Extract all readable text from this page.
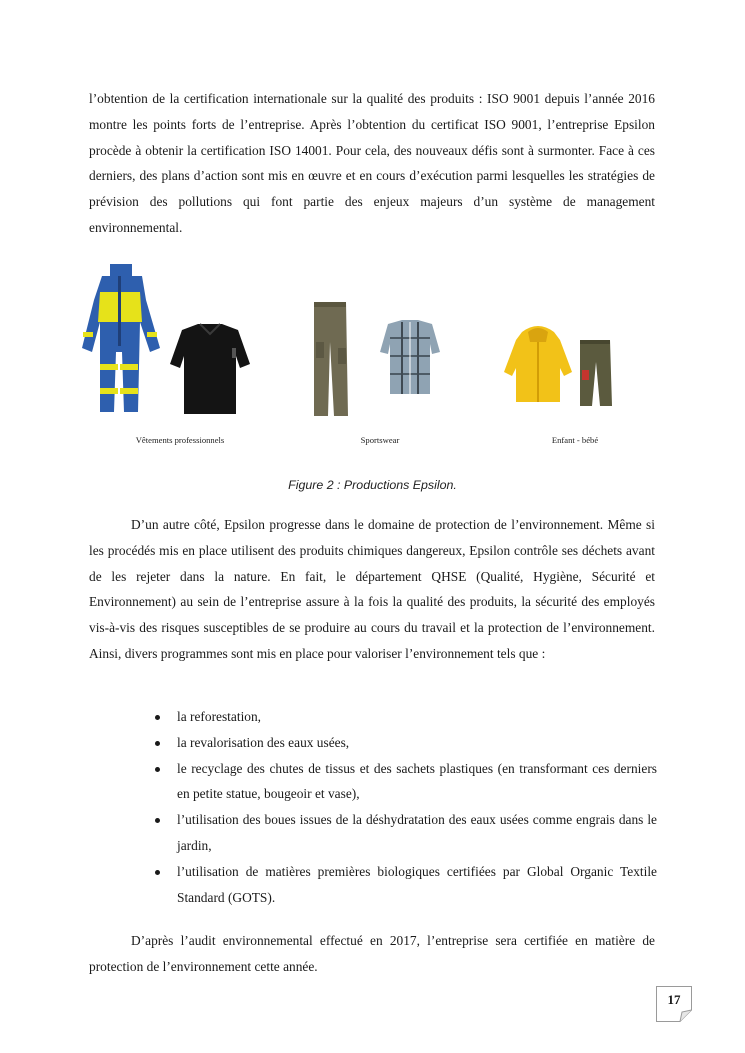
l’obtention de la certification internationale sur la qualité des produits : ISO 9001 depuis l’année 2016 montre les points forts de l’entreprise. Après l’obtention du certificat ISO 9001, l’entreprise Epsilon procède à obtenir la certification ISO 14001. Pour cela, des nouveaux défis sont à surmonter. Face à ces derniers, des plans d’action sont mis en œuvre et en cours d’exécution parmi lesquelles les stratégies de prévision des pollutions qui font partie des enjeux majeurs d’un système de management environnemental.

Vêtements professionnels	Sportswear	Enfant - bébé
Figure 2 : Productions Epsilon.

D’un autre côté, Epsilon progresse dans le domaine de protection de l’environnement. Même si les procédés mis en place utilisent des produits chimiques dangereux, Epsilon contrôle ses déchets avant de les rejeter dans la nature. En fait, le département QHSE (Qualité, Hygiène, Sécurité et Environnement) au sein de l’entreprise assure à la fois la qualité des produits, la sécurité des employés vis-à-vis des risques susceptibles de se produire au cours du travail et la protection de l’environnement. Ainsi, divers programmes sont mis en place pour valoriser l’environnement tels que :

la reforestation,
la revalorisation des eaux usées,
le recyclage des chutes de tissus et des sachets plastiques (en transformant ces derniers en petite statue, bougeoir et vase),
l’utilisation des boues issues de la déshydratation des eaux usées comme engrais dans le jardin,
l’utilisation de matières premières biologiques certifiées par Global Organic Textile Standard (GOTS).

D’après l’audit environnemental effectué en 2017, l’entreprise sera certifiée en matière de protection de l’environnement cette année.

17
